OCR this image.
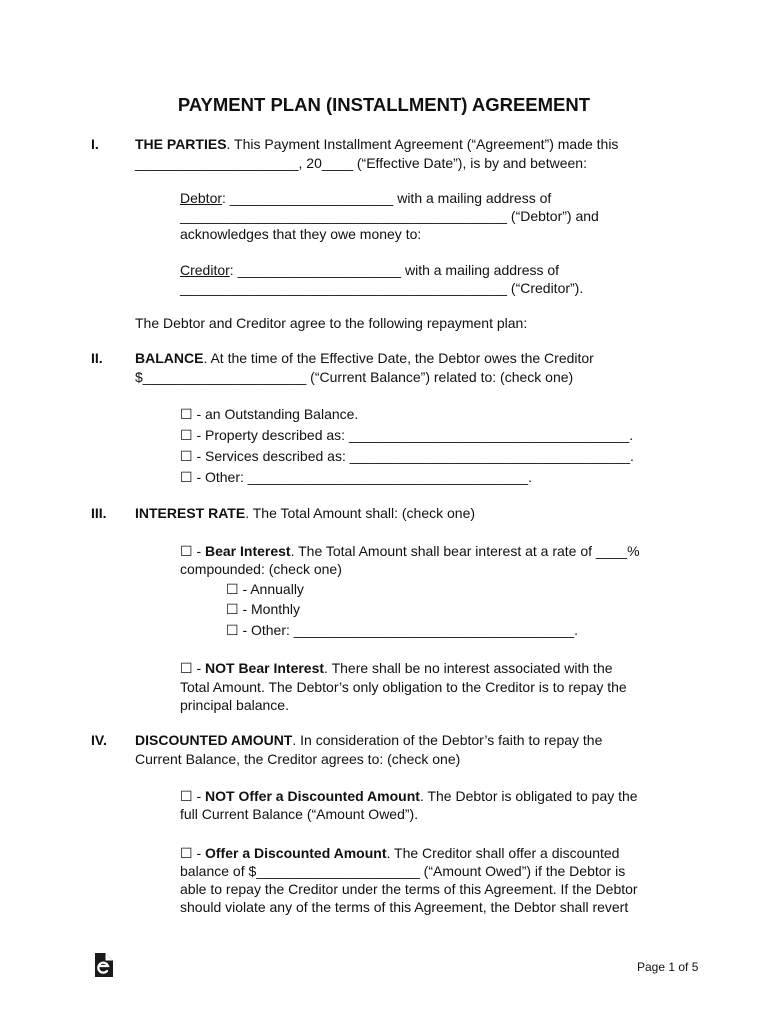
PAYMENT PLAN (INSTALLMENT) AGREEMENT
I.	THE PARTIES. This Payment Installment Agreement (“Agreement”) made this
_____________________, 20____ (“Effective Date”), is by and between:
Debtor: _____________________ with a mailing address of
__________________________________________ (“Debtor”) and
acknowledges that they owe money to:
Creditor: _____________________ with a mailing address of
__________________________________________ (“Creditor”).
The Debtor and Creditor agree to the following repayment plan:
II. BALANCE. At the time of the Effective Date, the Debtor owes the Creditor
$_____________________ (“Current Balance”) related to: (check one)
☐ - an Outstanding Balance.
☐ - Property described as: ____________________________________.
☐ - Services described as: ____________________________________.
☐ - Other: ____________________________________.
III. INTEREST RATE. The Total Amount shall: (check one)
☐ - Bear Interest. The Total Amount shall bear interest at a rate of ____%
compounded: (check one)
☐ - Annually
☐ - Monthly
☐ - Other: ____________________________________.
☐ - NOT Bear Interest. There shall be no interest associated with the
Total Amount. The Debtor’s only obligation to the Creditor is to repay the
principal balance.
IV. DISCOUNTED AMOUNT. In consideration of the Debtor’s faith to repay the
Current Balance, the Creditor agrees to: (check one)
☐ - NOT Offer a Discounted Amount. The Debtor is obligated to pay the
full Current Balance (“Amount Owed”).
☐ - Offer a Discounted Amount. The Creditor shall offer a discounted
balance of $_____________________ (“Amount Owed”) if the Debtor is
able to repay the Creditor under the terms of this Agreement. If the Debtor
should violate any of the terms of this Agreement, the Debtor shall revert
Page 1 of 5
